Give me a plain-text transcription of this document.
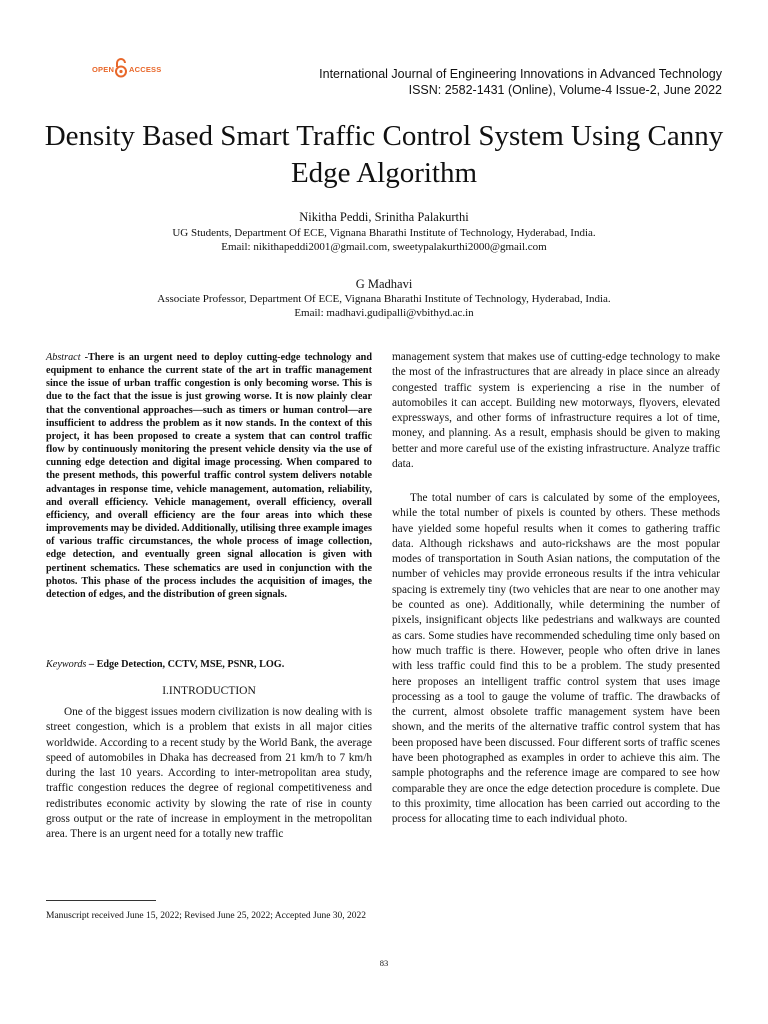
OPEN ACCESS	International Journal of Engineering Innovations in Advanced Technology
ISSN: 2582-1431 (Online), Volume-4 Issue-2, June 2022
Density Based Smart Traffic Control System Using Canny Edge Algorithm
Nikitha Peddi, Srinitha Palakurthi
UG Students, Department Of ECE, Vignana Bharathi Institute of Technology, Hyderabad, India.
Email: nikithapeddi2001@gmail.com, sweetypalakurthi2000@gmail.com
G Madhavi
Associate Professor, Department Of ECE, Vignana Bharathi Institute of Technology, Hyderabad, India.
Email: madhavi.gudipalli@vbithyd.ac.in
Abstract -There is an urgent need to deploy cutting-edge technology and equipment to enhance the current state of the art in traffic management since the issue of urban traffic congestion is only becoming worse. This is due to the fact that the issue is just growing worse. It is now plainly clear that the conventional approaches—such as timers or human control—are insufficient to address the problem as it now stands. In the context of this project, it has been proposed to create a system that can control traffic flow by continuously monitoring the present vehicle density via the use of cunning edge detection and digital image processing. When compared to the present methods, this powerful traffic control system delivers notable advantages in response time, vehicle management, automation, reliability, and overall efficiency. Vehicle management, overall efficiency, overall efficiency, and overall efficiency are the four areas into which these improvements may be divided. Additionally, utilising three example images of various traffic circumstances, the whole process of image collection, edge detection, and eventually green signal allocation is given with pertinent schematics. These schematics are used in conjunction with the photos. This phase of the process includes the acquisition of images, the detection of edges, and the distribution of green signals.
Keywords – Edge Detection, CCTV, MSE, PSNR, LOG.
I.INTRODUCTION

One of the biggest issues modern civilization is now dealing with is street congestion, which is a problem that exists in all major cities worldwide. According to a recent study by the World Bank, the average speed of automobiles in Dhaka has decreased from 21 km/h to 7 km/h during the last 10 years. According to inter-metropolitan area study, traffic congestion reduces the degree of regional competitiveness and redistributes economic activity by slowing the rate of rise in county gross output or the rate of increase in employment in the metropolitan area. There is an urgent need for a totally new traffic

management system that makes use of cutting-edge technology to make the most of the infrastructures that are already in place since an already congested traffic system is experiencing a rise in the number of automobiles it can accept. Building new motorways, flyovers, elevated expressways, and other forms of infrastructure requires a lot of time, money, and planning. As a result, emphasis should be given to making better and more careful use of the existing infrastructure. Analyze traffic data.

The total number of cars is calculated by some of the employees, while the total number of pixels is counted by others. These methods have yielded some hopeful results when it comes to gathering traffic data. Although rickshaws and auto-rickshaws are the most popular modes of transportation in South Asian nations, the computation of the number of vehicles may provide erroneous results if the intra vehicular spacing is extremely tiny (two vehicles that are near to one another may be counted as one). Additionally, while determining the number of pixels, insignificant objects like pedestrians and walkways are counted as cars. Some studies have recommended scheduling time only based on how much traffic is there. However, people who often drive in lanes with less traffic could find this to be a problem. The study presented here proposes an intelligent traffic control system that uses image processing as a tool to gauge the volume of traffic. The drawbacks of the current, almost obsolete traffic management system have been shown, and the merits of the alternative traffic control system that has been proposed have been discussed. Four different sorts of traffic scenes have been photographed as examples in order to achieve this aim. The sample photographs and the reference image are compared to see how comparable they are once the edge detection procedure is complete. Due to this proximity, time allocation has been carried out according to the process for allocating time to each individual photo.

Manuscript received June 15, 2022; Revised June 25, 2022; Accepted June 30, 2022
83
